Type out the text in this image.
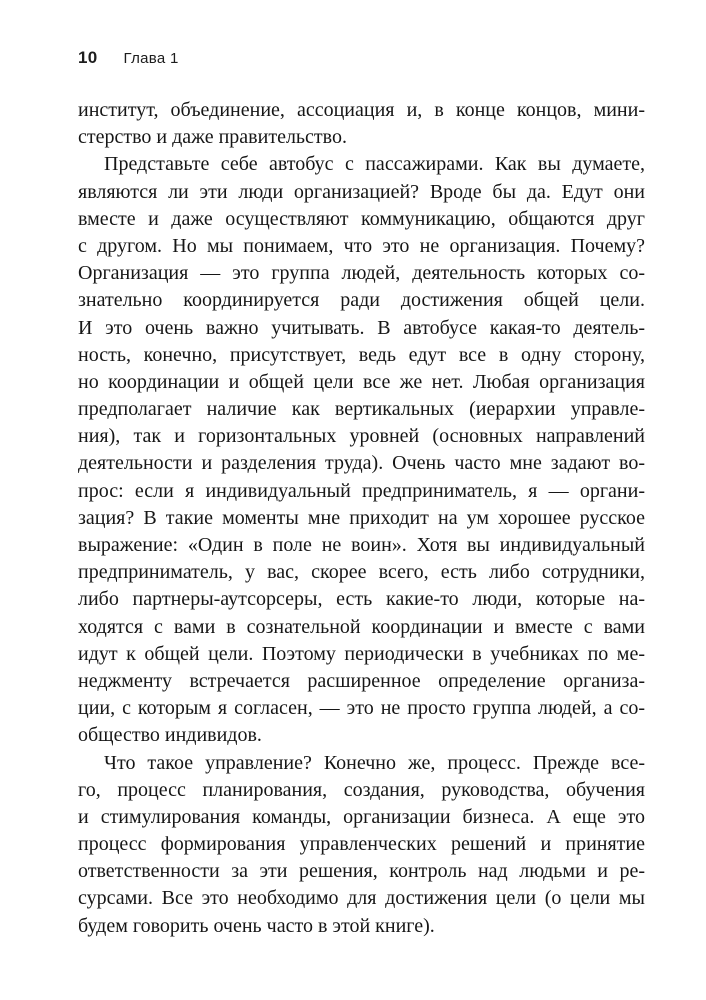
10 Глава 1
институт, объединение, ассоциация и, в конце концов, мини-
стерство и даже правительство.
Представьте себе автобус с пассажирами. Как вы думаете,
являются ли эти люди организацией? Вроде бы да. Едут они
вместе и даже осуществляют коммуникацию, общаются друг
с другом. Но мы понимаем, что это не организация. Почему?
Организация — это группа людей, деятельность которых со-
знательно координируется ради достижения общей цели.
И это очень важно учитывать. В автобусе какая-то деятель-
ность, конечно, присутствует, ведь едут все в одну сторону,
но координации и общей цели все же нет. Любая организация
предполагает наличие как вертикальных (иерархии управле-
ния), так и горизонтальных уровней (основных направлений
деятельности и разделения труда). Очень часто мне задают во-
прос: если я индивидуальный предприниматель, я — органи-
зация? В такие моменты мне приходит на ум хорошее русское
выражение: «Один в поле не воин». Хотя вы индивидуальный
предприниматель, у вас, скорее всего, есть либо сотрудники,
либо партнеры-аутсорсеры, есть какие-то люди, которые на-
ходятся с вами в сознательной координации и вместе с вами
идут к общей цели. Поэтому периодически в учебниках по ме-
неджменту встречается расширенное определение организа-
ции, с которым я согласен, — это не просто группа людей, а со-
общество индивидов.
Что такое управление? Конечно же, процесс. Прежде все-
го, процесс планирования, создания, руководства, обучения
и стимулирования команды, организации бизнеса. А еще это
процесс формирования управленческих решений и принятие
ответственности за эти решения, контроль над людьми и ре-
сурсами. Все это необходимо для достижения цели (о цели мы
будем говорить очень часто в этой книге).
